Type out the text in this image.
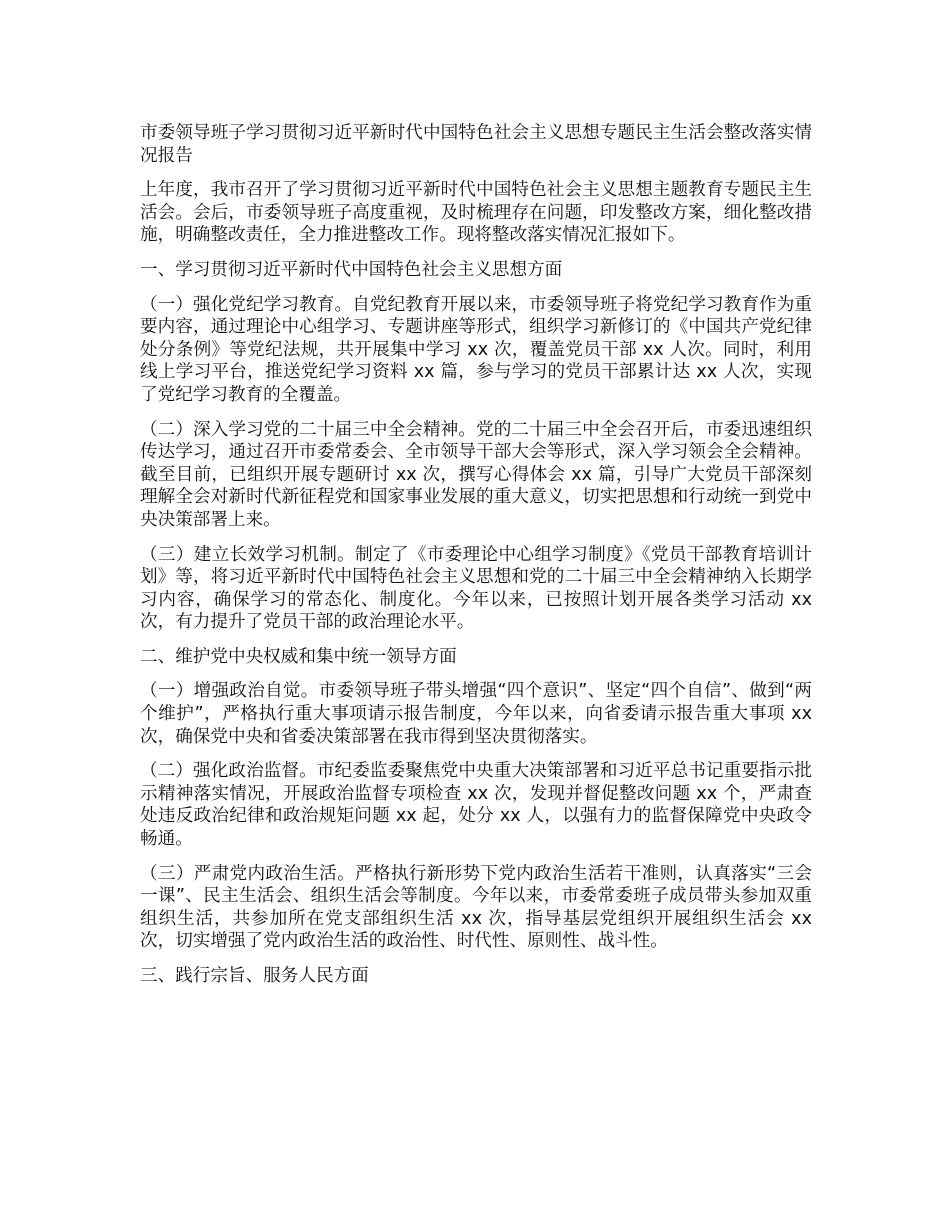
市委领导班子学习贯彻习近平新时代中国特色社会主义思想专题民主生活会整改落实情况报告

上年度，我市召开了学习贯彻习近平新时代中国特色社会主义思想主题教育专题民主生活会。会后，市委领导班子高度重视，及时梳理存在问题，印发整改方案，细化整改措施，明确整改责任，全力推进整改工作。现将整改落实情况汇报如下。

一、学习贯彻习近平新时代中国特色社会主义思想方面

（一）强化党纪学习教育。自党纪教育开展以来，市委领导班子将党纪学习教育作为重要内容，通过理论中心组学习、专题讲座等形式，组织学习新修订的《中国共产党纪律处分条例》等党纪法规，共开展集中学习 xx 次，覆盖党员干部 xx 人次。同时，利用线上学习平台，推送党纪学习资料 xx 篇，参与学习的党员干部累计达 xx 人次，实现了党纪学习教育的全覆盖。

（二）深入学习党的二十届三中全会精神。党的二十届三中全会召开后，市委迅速组织传达学习，通过召开市委常委会、全市领导干部大会等形式，深入学习领会全会精神。截至目前，已组织开展专题研讨 xx 次，撰写心得体会 xx 篇，引导广大党员干部深刻理解全会对新时代新征程党和国家事业发展的重大意义，切实把思想和行动统一到党中央决策部署上来。

（三）建立长效学习机制。制定了《市委理论中心组学习制度》《党员干部教育培训计划》等，将习近平新时代中国特色社会主义思想和党的二十届三中全会精神纳入长期学习内容，确保学习的常态化、制度化。今年以来，已按照计划开展各类学习活动 xx 次，有力提升了党员干部的政治理论水平。

二、维护党中央权威和集中统一领导方面

（一）增强政治自觉。市委领导班子带头增强“四个意识”、坚定“四个自信”、做到“两个维护”，严格执行重大事项请示报告制度，今年以来，向省委请示报告重大事项 xx 次，确保党中央和省委决策部署在我市得到坚决贯彻落实。

（二）强化政治监督。市纪委监委聚焦党中央重大决策部署和习近平总书记重要指示批示精神落实情况，开展政治监督专项检查 xx 次，发现并督促整改问题 xx 个，严肃查处违反政治纪律和政治规矩问题 xx 起，处分 xx 人，以强有力的监督保障党中央政令畅通。

（三）严肃党内政治生活。严格执行新形势下党内政治生活若干准则，认真落实“三会一课”、民主生活会、组织生活会等制度。今年以来，市委常委班子成员带头参加双重组织生活，共参加所在党支部组织生活 xx 次，指导基层党组织开展组织生活会 xx 次，切实增强了党内政治生活的政治性、时代性、原则性、战斗性。

三、践行宗旨、服务人民方面
